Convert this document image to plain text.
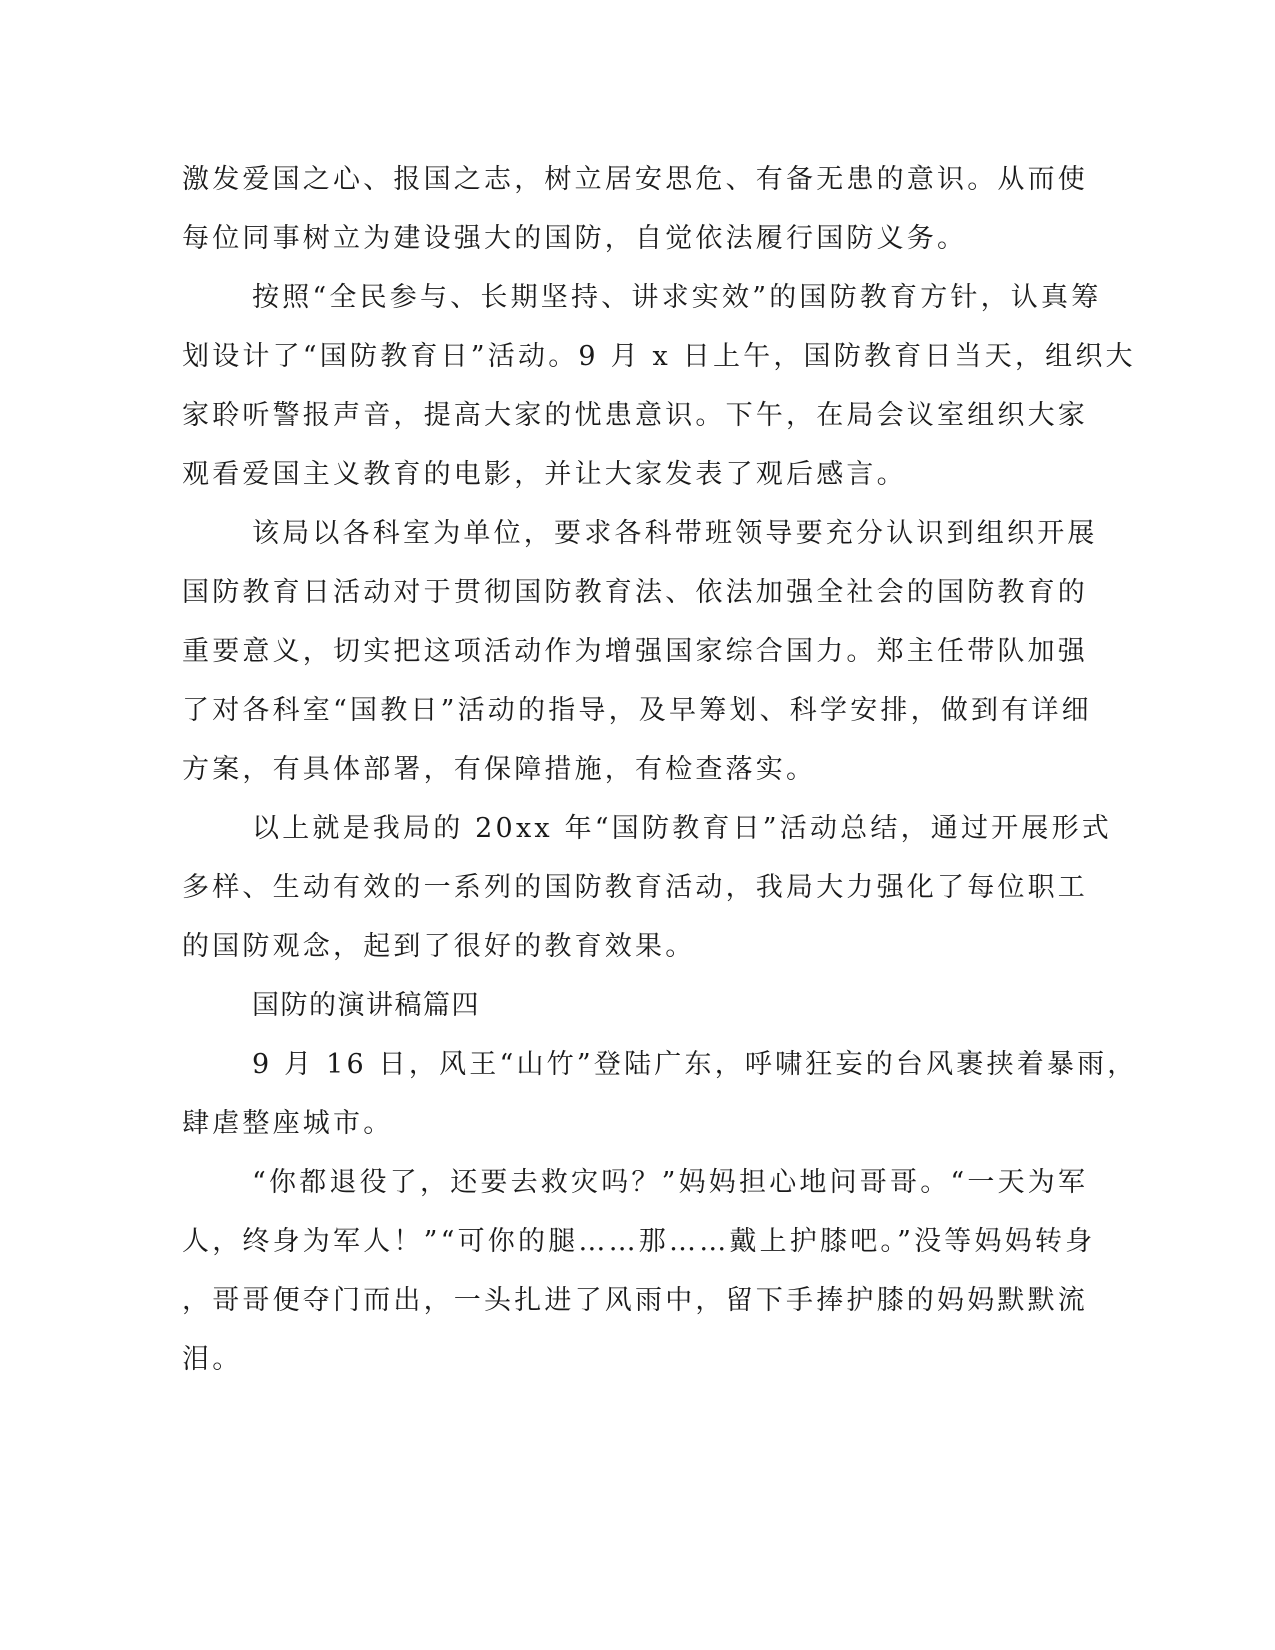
激发爱国之心、报国之志，树立居安思危、有备无患的意识。从而使
每位同事树立为建设强大的国防，自觉依法履行国防义务。
按照“全民参与、长期坚持、讲求实效”的国防教育方针，认真筹
划设计了“国防教育日”活动。9 月 x 日上午，国防教育日当天，组织大
家聆听警报声音，提高大家的忧患意识。下午，在局会议室组织大家
观看爱国主义教育的电影，并让大家发表了观后感言。
该局以各科室为单位，要求各科带班领导要充分认识到组织开展
国防教育日活动对于贯彻国防教育法、依法加强全社会的国防教育的
重要意义，切实把这项活动作为增强国家综合国力。郑主任带队加强
了对各科室“国教日”活动的指导，及早筹划、科学安排，做到有详细
方案，有具体部署，有保障措施，有检查落实。
以上就是我局的 20xx 年“国防教育日”活动总结，通过开展形式
多样、生动有效的一系列的国防教育活动，我局大力强化了每位职工
的国防观念，起到了很好的教育效果。
国防的演讲稿篇四
9 月 16 日，风王“山竹”登陆广东，呼啸狂妄的台风裹挟着暴雨，
肆虐整座城市。
“你都退役了，还要去救灾吗？”妈妈担心地问哥哥。“一天为军
人，终身为军人！”“可你的腿……那……戴上护膝吧。”没等妈妈转身
，哥哥便夺门而出，一头扎进了风雨中，留下手捧护膝的妈妈默默流
泪。
